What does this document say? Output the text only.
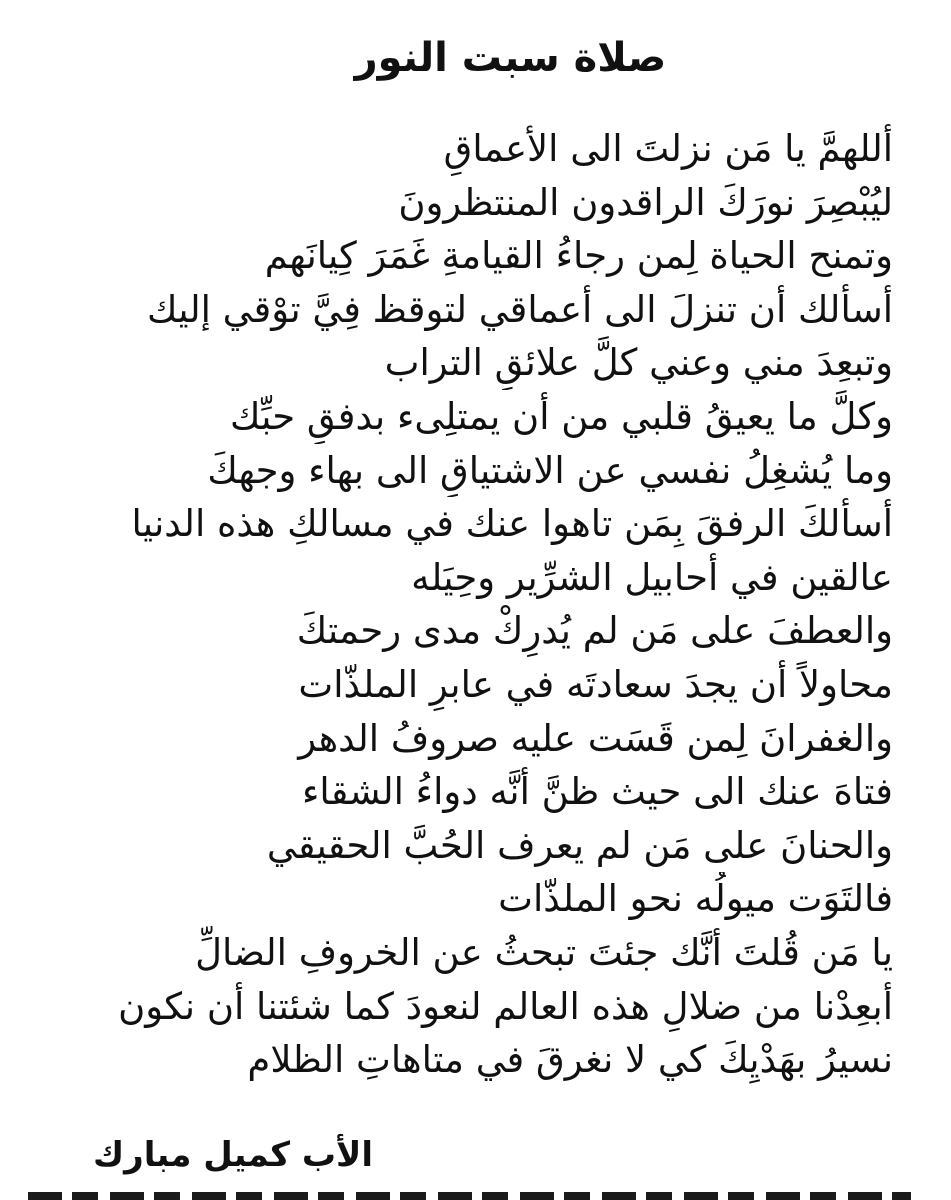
صلاة سبت النور
أللهمَّ يا مَن نزلتَ الى الأعماقِ
ليُبْصِرَ نورَكَ الراقدون المنتظرونَ
وتمنح الحياة لِمن رجاءُ القيامةِ غَمَرَ كِيانَهم
أسألك أن تنزلَ الى أعماقي لتوقظ فِيَّ توْقي إليك
وتبعِدَ مني وعني كلَّ علائقِ التراب
وكلَّ ما يعيقُ قلبي من أن يمتلِىء بدفقِ حبِّك
وما يُشغِلُ نفسي عن الاشتياقِ الى بهاء وجهكَ
أسألكَ الرفقَ بِمَن تاهوا عنك في مسالكِ هذه الدنيا
عالقين في أحابيل الشرِّير وحِيَله
والعطفَ على مَن لم يُدرِكْ مدى رحمتكَ
محاولاً أن يجدَ سعادتَه في عابرِ الملذّات
والغفرانَ لِمن قَسَت عليه صروفُ الدهر
فتاهَ عنك الى حيث ظنَّ أنَّه دواءُ الشقاء
والحنانَ على مَن لم يعرف الحُبَّ الحقيقي
فالتَوَت ميولُه نحو الملذّات
يا مَن قُلتَ أنَّك جئتَ تبحثُ عن الخروفِ الضالِّ
أبعِدْنا من ضلالِ هذه العالم لنعودَ كما شئتنا أن نكون
نسيرُ بهَدْيِكَ كي لا نغرقَ في متاهاتِ الظلام
الأب كميل مبارك
